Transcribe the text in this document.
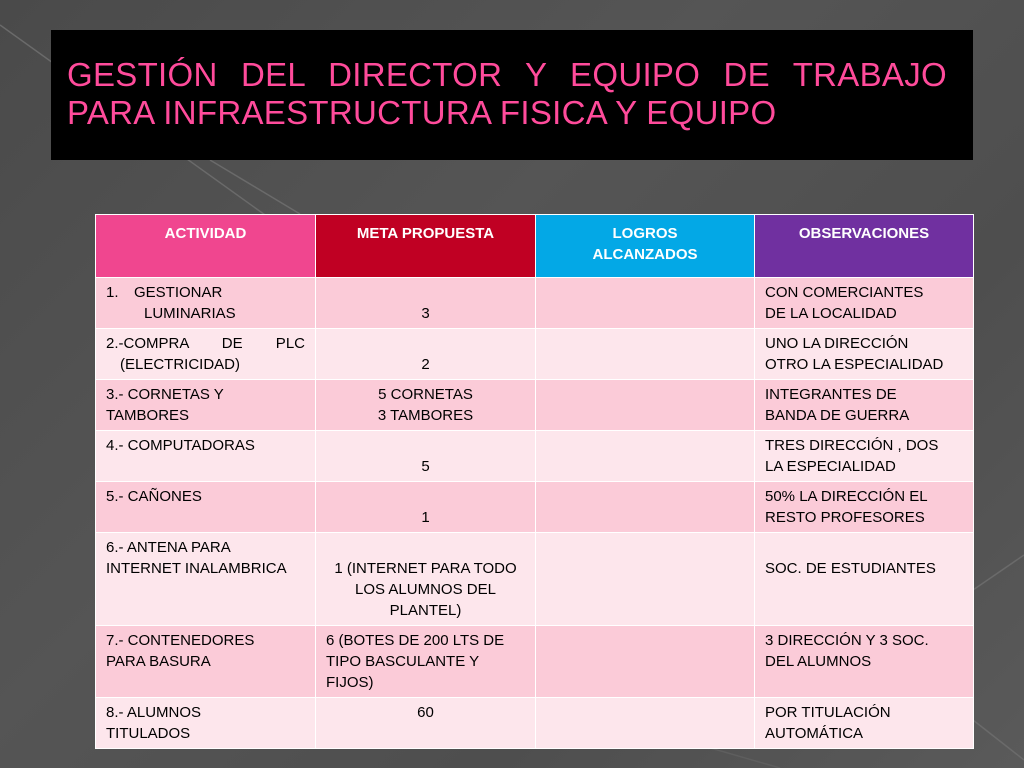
GESTIÓN DEL DIRECTOR Y EQUIPO DE TRABAJO PARA INFRAESTRUCTURA FISICA Y EQUIPO
ACTIVIDAD	META PROPUESTA	LOGROS
ALCANZADOS	OBSERVACIONES
1. GESTIONAR
LUMINARIAS	3		CON COMERCIANTES
DE LA LOCALIDAD

2.-COMPRA DE PLC
(ELECTRICIDAD)	2		UNO LA DIRECCIÓN
OTRO LA ESPECIALIDAD
3.- CORNETAS Y
TAMBORES	5 CORNETAS
3 TAMBORES		INTEGRANTES DE
BANDA DE GUERRA
4.- COMPUTADORAS	5		TRES DIRECCIÓN , DOS
LA ESPECIALIDAD
5.- CAÑONES	1		50% LA DIRECCIÓN EL
RESTO PROFESORES
6.- ANTENA PARA
INTERNET INALAMBRICA	1 (INTERNET PARA TODO
LOS ALUMNOS DEL
PLANTEL)		SOC. DE ESTUDIANTES
7.- CONTENEDORES
PARA BASURA	6 (BOTES DE 200 LTS DE
TIPO BASCULANTE Y
FIJOS)		3 DIRECCIÓN Y 3 SOC.
DEL ALUMNOS
8.- ALUMNOS
TITULADOS	60		POR TITULACIÓN
AUTOMÁTICA
